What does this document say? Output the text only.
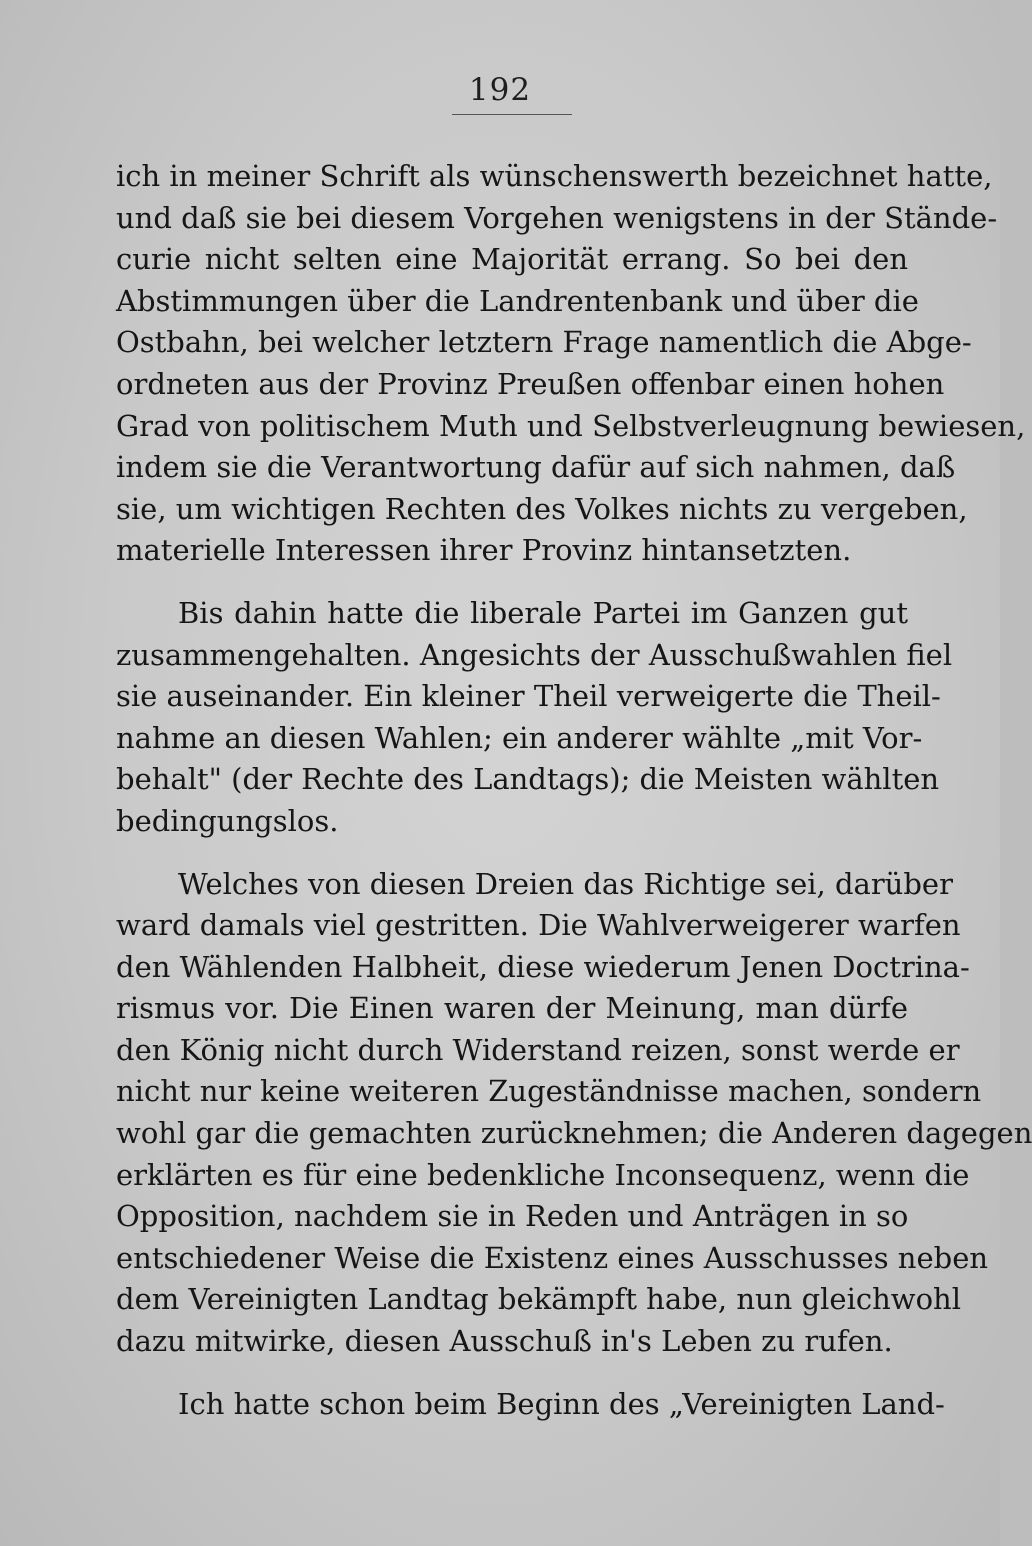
192
ich in meiner Schrift als wünschenswerth bezeichnet hatte,
und daß sie bei diesem Vorgehen wenigstens in der Stände-
curie nicht selten eine Majorität errang. So bei den
Abstimmungen über die Landrentenbank und über die
Ostbahn, bei welcher letztern Frage namentlich die Abge-
ordneten aus der Provinz Preußen offenbar einen hohen
Grad von politischem Muth und Selbstverleugnung bewiesen,
indem sie die Verantwortung dafür auf sich nahmen, daß
sie, um wichtigen Rechten des Volkes nichts zu vergeben,
materielle Interessen ihrer Provinz hintansetzten.
Bis dahin hatte die liberale Partei im Ganzen gut
zusammengehalten. Angesichts der Ausschußwahlen fiel
sie auseinander. Ein kleiner Theil verweigerte die Theil-
nahme an diesen Wahlen; ein anderer wählte „mit Vor-
behalt" (der Rechte des Landtags); die Meisten wählten
bedingungslos.
Welches von diesen Dreien das Richtige sei, darüber
ward damals viel gestritten. Die Wahlverweigerer warfen
den Wählenden Halbheit, diese wiederum Jenen Doctrina-
rismus vor. Die Einen waren der Meinung, man dürfe
den König nicht durch Widerstand reizen, sonst werde er
nicht nur keine weiteren Zugeständnisse machen, sondern
wohl gar die gemachten zurücknehmen; die Anderen dagegen
erklärten es für eine bedenkliche Inconsequenz, wenn die
Opposition, nachdem sie in Reden und Anträgen in so
entschiedener Weise die Existenz eines Ausschusses neben
dem Vereinigten Landtag bekämpft habe, nun gleichwohl
dazu mitwirke, diesen Ausschuß in's Leben zu rufen.
Ich hatte schon beim Beginn des „Vereinigten Land-
